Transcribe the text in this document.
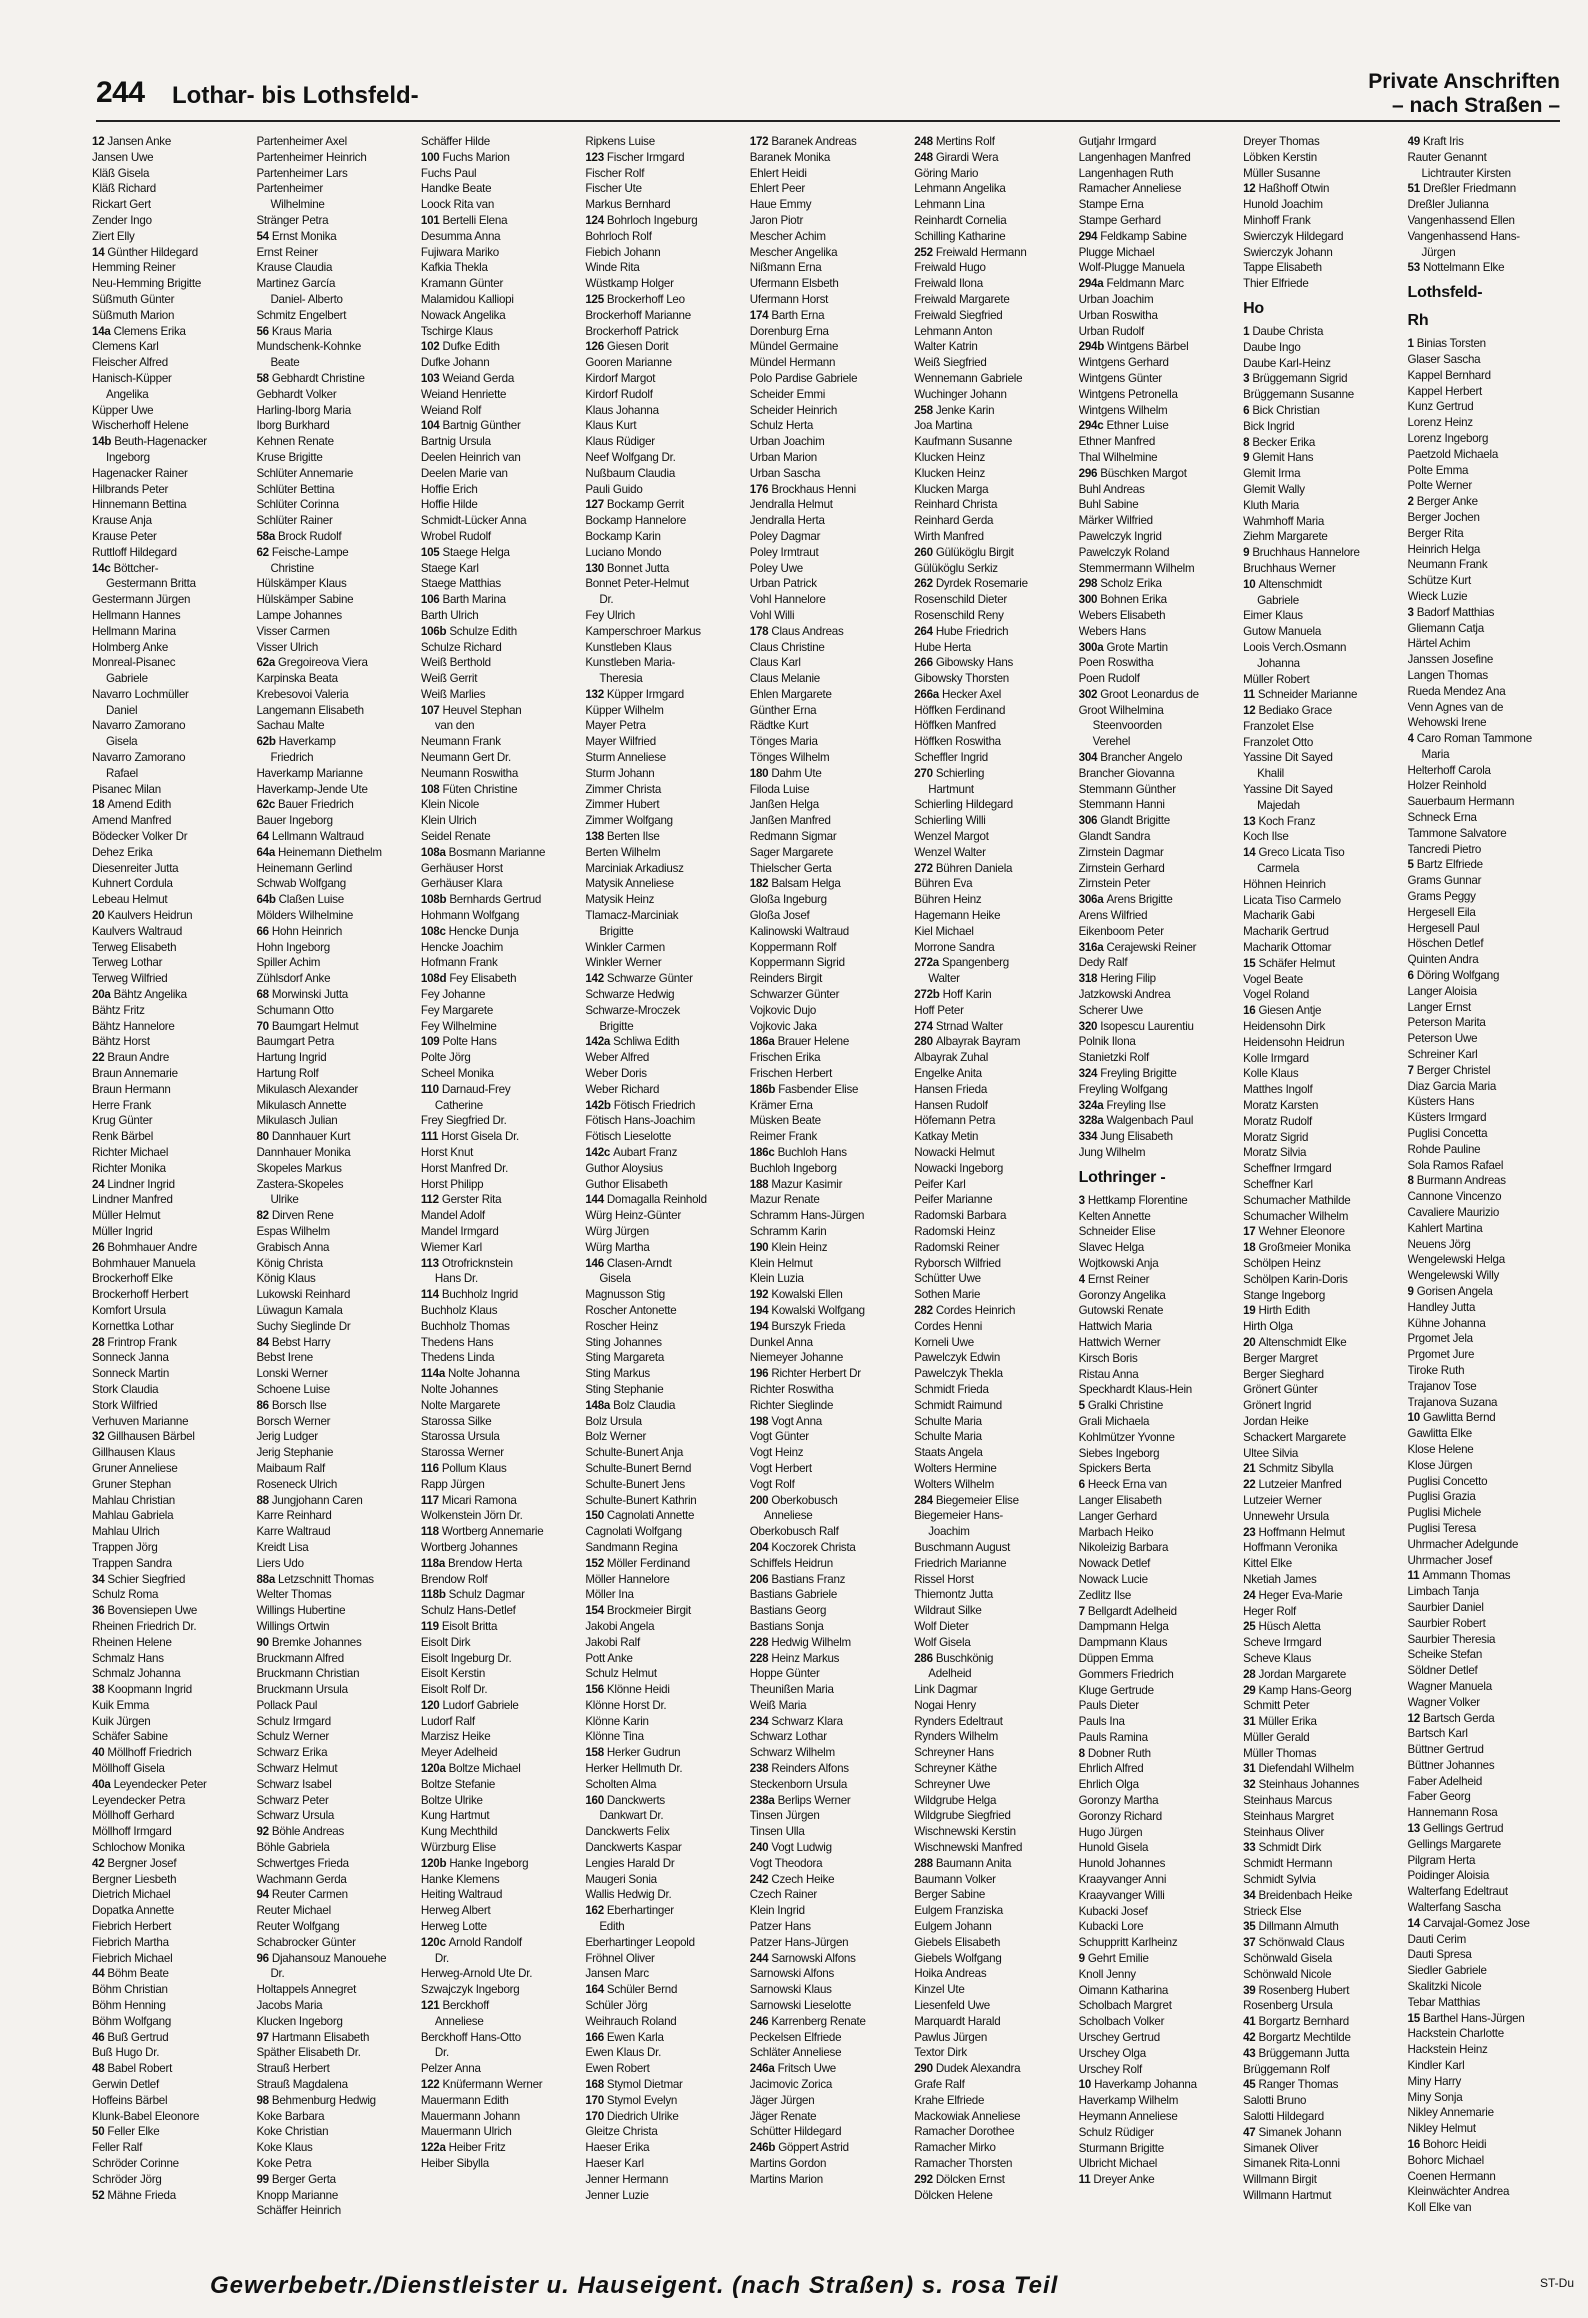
244 Lothar- bis Lothsfeld-
Private Anschriften
– nach Straßen –
12 Jansen Anke
Jansen Uwe
Kläß Gisela
Kläß Richard
Rickart Gert
Zender Ingo
Ziert Elly
14 Günther Hildegard
Hemming Reiner
Neu-Hemming Brigitte
Süßmuth Günter
Süßmuth Marion
14a Clemens Erika
Clemens Karl
Fleischer Alfred
Hanisch-Küpper
Angelika
Küpper Uwe
Wischerhoff Helene
14b Beuth-Hagenacker
Ingeborg
Hagenacker Rainer
Hilbrands Peter
Hinnemann Bettina
Krause Anja
Krause Peter
Ruttloff Hildegard
14c Böttcher-
Gestermann Britta
Gestermann Jürgen
Hellmann Hannes
Hellmann Marina
Holmberg Anke
Monreal-Pisanec
Gabriele
Navarro Lochmüller
Daniel
Navarro Zamorano
Gisela
Navarro Zamorano
Rafael
Pisanec Milan
18 Amend Edith
Amend Manfred
Bödecker Volker Dr
Dehez Erika
Diesenreiter Jutta
Kuhnert Cordula
Lebeau Helmut
20 Kaulvers Heidrun
Kaulvers Waltraud
Terweg Elisabeth
Terweg Lothar
Terweg Wilfried
20a Bähtz Angelika
Bähtz Fritz
Bähtz Hannelore
Bähtz Horst
22 Braun Andre
Braun Annemarie
Braun Hermann
Herre Frank
Krug Günter
Renk Bärbel
Richter Michael
Richter Monika
24 Lindner Ingrid
Lindner Manfred
Müller Helmut
Müller Ingrid
26 Bohmhauer Andre
Bohmhauer Manuela
Brockerhoff Elke
Brockerhoff Herbert
Komfort Ursula
Kornettka Lothar
28 Frintrop Frank
Sonneck Janna
Sonneck Martin
Stork Claudia
Stork Wilfried
Verhuven Marianne
32 Gillhausen Bärbel
Gillhausen Klaus
Gruner Anneliese
Gruner Stephan
Mahlau Christian
Mahlau Gabriela
Mahlau Ulrich
Trappen Jörg
Trappen Sandra
34 Schier Siegfried
Schulz Roma
36 Bovensiepen Uwe
Rheinen Friedrich Dr.
Rheinen Helene
Schmalz Hans
Schmalz Johanna
38 Koopmann Ingrid
Kuik Emma
Kuik Jürgen
Schäfer Sabine
40 Möllhoff Friedrich
Möllhoff Gisela
40a Leyendecker Peter
Leyendecker Petra
Möllhoff Gerhard
Möllhoff Irmgard
Schlochow Monika
42 Bergner Josef
Bergner Liesbeth
Dietrich Michael
Dopatka Annette
Fiebrich Herbert
Fiebrich Martha
Fiebrich Michael
44 Böhm Beate
Böhm Christian
Böhm Henning
Böhm Wolfgang
46 Buß Gertrud
Buß Hugo Dr.
48 Babel Robert
Gerwin Detlef
Hoffeins Bärbel
Klunk-Babel Eleonore
50 Feller Elke
Feller Ralf
Schröder Corinne
Schröder Jörg
52 Mähne Frieda
Partenheimer Axel
Partenheimer Heinrich
Partenheimer Lars
Partenheimer
Wilhelmine
Stränger Petra
54 Ernst Monika
Ernst Reiner
Krause Claudia
Martinez García
Daniel- Alberto
Schmitz Engelbert
56 Kraus Maria
Mundschenk-Kohnke
Beate
58 Gebhardt Christine
Gebhardt Volker
Harling-Iborg Maria
Iborg Burkhard
Kehnen Renate
Kruse Brigitte
Schlüter Annemarie
Schlüter Bettina
Schlüter Corinna
Schlüter Rainer
58a Brock Rudolf
62 Feische-Lampe
Christine
Hülskämper Klaus
Hülskämper Sabine
Lampe Johannes
Visser Carmen
Visser Ulrich
62a Gregoireova Viera
Karpinska Beata
Krebesovoi Valeria
Langemann Elisabeth
Sachau Malte
62b Haverkamp
Friedrich
Haverkamp Marianne
Haverkamp-Jende Ute
62c Bauer Friedrich
Bauer Ingeborg
64 Lellmann Waltraud
64a Heinemann Diethelm
Heinemann Gerlind
Schwab Wolfgang
64b Claßen Luise
Mölders Wilhelmine
66 Hohn Heinrich
Hohn Ingeborg
Spiller Achim
Zühlsdorf Anke
68 Morwinski Jutta
Schumann Otto
70 Baumgart Helmut
Baumgart Petra
Hartung Ingrid
Hartung Rolf
Mikulasch Alexander
Mikulasch Annette
Mikulasch Julian
80 Dannhauer Kurt
Dannhauer Monika
Skopeles Markus
Zastera-Skopeles
Ulrike
82 Dirven Rene
Espas Wilhelm
Grabisch Anna
König Christa
König Klaus
Lukowski Reinhard
Lüwagun Kamala
Suchy Sieglinde Dr
84 Bebst Harry
Bebst Irene
Lonski Werner
Schoene Luise
86 Borsch Ilse
Borsch Werner
Jerig Ludger
Jerig Stephanie
Maibaum Ralf
Roseneck Ulrich
88 Jungjohann Caren
Karre Reinhard
Karre Waltraud
Kreidt Lisa
Liers Udo
88a Letzschnitt Thomas
Welter Thomas
Willings Hubertine
Willings Ortwin
90 Bremke Johannes
Bruckmann Alfred
Bruckmann Christian
Bruckmann Ursula
Pollack Paul
Schulz Irmgard
Schulz Werner
Schwarz Erika
Schwarz Helmut
Schwarz Isabel
Schwarz Peter
Schwarz Ursula
92 Böhle Andreas
Böhle Gabriela
Schwertges Frieda
Wachmann Gerda
94 Reuter Carmen
Reuter Michael
Reuter Wolfgang
Schabrocker Günter
96 Djahansouz Manouehe
Dr.
Holtappels Annegret
Jacobs Maria
Klucken Ingeborg
97 Hartmann Elisabeth
Späther Elisabeth Dr.
Strauß Herbert
Strauß Magdalena
98 Behmenburg Hedwig
Koke Barbara
Koke Christian
Koke Klaus
Koke Petra
99 Berger Gerta
Knopp Marianne
Schäffer Heinrich
Schäffer Hilde
100 Fuchs Marion
Fuchs Paul
Handke Beate
Loock Rita van
101 Bertelli Elena
Desumma Anna
Fujiwara Mariko
Kafkia Thekla
Kramann Günter
Malamidou Kalliopi
Nowack Angelika
Tschirge Klaus
102 Dufke Edith
Dufke Johann
103 Weiand Gerda
Weiand Henriette
Weiand Rolf
104 Bartnig Günther
Bartnig Ursula
Deelen Heinrich van
Deelen Marie van
Hoffie Erich
Hoffie Hilde
Schmidt-Lücker Anna
Wrobel Rudolf
105 Staege Helga
Staege Karl
Staege Matthias
106 Barth Marina
Barth Ulrich
106b Schulze Edith
Schulze Richard
Weiß Berthold
Weiß Gerrit
Weiß Marlies
107 Heuvel Stephan
van den
Neumann Frank
Neumann Gert Dr.
Neumann Roswitha
108 Füten Christine
Klein Nicole
Klein Ulrich
Seidel Renate
108a Bosmann Marianne
Gerhäuser Horst
Gerhäuser Klara
108b Bernhards Gertrud
Hohmann Wolfgang
108c Hencke Dunja
Hencke Joachim
Hofmann Frank
108d Fey Elisabeth
Fey Johanne
Fey Margarete
Fey Wilhelmine
109 Polte Hans
Polte Jörg
Scheel Monika
110 Darnaud-Frey
Catherine
Frey Siegfried Dr.
111 Horst Gisela Dr.
Horst Knut
Horst Manfred Dr.
Horst Philipp
112 Gerster Rita
Mandel Adolf
Mandel Irmgard
Wiemer Karl
113 Otrofricknstein
Hans Dr.
114 Buchholz Ingrid
Buchholz Klaus
Buchholz Thomas
Thedens Hans
Thedens Linda
114a Nolte Johanna
Nolte Johannes
Nolte Margarete
Starossa Silke
Starossa Ursula
Starossa Werner
116 Pollum Klaus
Rapp Jürgen
117 Micari Ramona
Wolkenstein Jörn Dr.
118 Wortberg Annemarie
Wortberg Johannes
118a Brendow Herta
Brendow Rolf
118b Schulz Dagmar
Schulz Hans-Detlef
119 Eisolt Britta
Eisolt Dirk
Eisolt Ingeburg Dr.
Eisolt Kerstin
Eisolt Rolf Dr.
120 Ludorf Gabriele
Ludorf Ralf
Marzisz Heike
Meyer Adelheid
120a Boltze Michael
Boltze Stefanie
Boltze Ulrike
Kung Hartmut
Kung Mechthild
Würzburg Elise
120b Hanke Ingeborg
Hanke Klemens
Heiting Waltraud
Herweg Albert
Herweg Lotte
120c Arnold Randolf
Dr.
Herweg-Arnold Ute Dr.
Szwajczyk Ingeborg
121 Berckhoff
Anneliese
Berckhoff Hans-Otto
Dr.
Pelzer Anna
122 Knüfermann Werner
Mauermann Edith
Mauermann Johann
Mauermann Ulrich
122a Heiber Fritz
Heiber Sibylla
Ripkens Luise
123 Fischer Irmgard
Fischer Rolf
Fischer Ute
Markus Bernhard
124 Bohrloch Ingeburg
Bohrloch Rolf
Fiebich Johann
Winde Rita
Wüstkamp Holger
125 Brockerhoff Leo
Brockerhoff Marianne
Brockerhoff Patrick
126 Giesen Dorit
Gooren Marianne
Kirdorf Margot
Kirdorf Rudolf
Klaus Johanna
Klaus Kurt
Klaus Rüdiger
Neef Wolfgang Dr.
Nußbaum Claudia
Pauli Guido
127 Bockamp Gerrit
Bockamp Hannelore
Bockamp Karin
Luciano Mondo
130 Bonnet Jutta
Bonnet Peter-Helmut
Dr.
Fey Ulrich
Kamperschroer Markus
Kunstleben Klaus
Kunstleben Maria-
Theresia
132 Küpper Irmgard
Küpper Wilhelm
Mayer Petra
Mayer Wilfried
Sturm Anneliese
Sturm Johann
Zimmer Christa
Zimmer Hubert
Zimmer Wolfgang
138 Berten Ilse
Berten Wilhelm
Marciniak Arkadiusz
Matysik Anneliese
Matysik Heinz
Tlamacz-Marciniak
Brigitte
Winkler Carmen
Winkler Werner
142 Schwarze Günter
Schwarze Hedwig
Schwarze-Mroczek
Brigitte
142a Schliwa Edith
Weber Alfred
Weber Doris
Weber Richard
142b Fötisch Friedrich
Fötisch Hans-Joachim
Fötisch Lieselotte
142c Aubart Franz
Guthor Aloysius
Guthor Elisabeth
144 Domagalla Reinhold
Würg Heinz-Günter
Würg Jürgen
Würg Martha
146 Clasen-Arndt
Gisela
Magnusson Stig
Roscher Antonette
Roscher Heinz
Sting Johannes
Sting Margareta
Sting Markus
Sting Stephanie
148a Bolz Claudia
Bolz Ursula
Bolz Werner
Schulte-Bunert Anja
Schulte-Bunert Bernd
Schulte-Bunert Jens
Schulte-Bunert Kathrin
150 Cagnolati Annette
Cagnolati Wolfgang
Sandmann Regina
152 Möller Ferdinand
Möller Hannelore
Möller Ina
154 Brockmeier Birgit
Jakobi Angela
Jakobi Ralf
Pott Anke
Schulz Helmut
156 Klönne Heidi
Klönne Horst Dr.
Klönne Karin
Klönne Tina
158 Herker Gudrun
Herker Hellmuth Dr.
Scholten Alma
160 Danckwerts
Dankwart Dr.
Danckwerts Felix
Danckwerts Kaspar
Lengies Harald Dr
Maugeri Sonia
Wallis Hedwig Dr.
162 Eberhartinger
Edith
Eberhartinger Leopold
Fröhnel Oliver
Jansen Marc
164 Schüler Bernd
Schüler Jörg
Weihrauch Roland
166 Ewen Karla
Ewen Klaus Dr.
Ewen Robert
168 Stymol Dietmar
170 Stymol Evelyn
170 Diedrich Ulrike
Gleitze Christa
Haeser Erika
Haeser Karl
Jenner Hermann
Jenner Luzie
172 Baranek Andreas
Baranek Monika
Ehlert Heidi
Ehlert Peer
Haue Emmy
Jaron Piotr
Mescher Achim
Mescher Angelika
Nißmann Erna
Ufermann Elsbeth
Ufermann Horst
174 Barth Erna
Dorenburg Erna
Mündel Germaine
Mündel Hermann
Polo Pardise Gabriele
Scheider Emmi
Scheider Heinrich
Schulz Herta
Urban Joachim
Urban Marion
Urban Sascha
176 Brockhaus Henni
Jendralla Helmut
Jendralla Herta
Poley Dagmar
Poley Irmtraut
Poley Uwe
Urban Patrick
Vohl Hannelore
Vohl Willi
178 Claus Andreas
Claus Christine
Claus Karl
Claus Melanie
Ehlen Margarete
Günther Erna
Rädtke Kurt
Tönges Maria
Tönges Wilhelm
180 Dahm Ute
Filoda Luise
Janßen Helga
Janßen Manfred
Redmann Sigmar
Sager Margarete
Thielscher Gerta
182 Balsam Helga
Gloßa Ingeburg
Gloßa Josef
Kalinowski Waltraud
Koppermann Rolf
Koppermann Sigrid
Reinders Birgit
Schwarzer Günter
Vojkovic Dujo
Vojkovic Jaka
186a Brauer Helene
Frischen Erika
Frischen Herbert
186b Fasbender Elise
Krämer Erna
Müsken Beate
Reimer Frank
186c Buchloh Hans
Buchloh Ingeborg
188 Mazur Kasimir
Mazur Renate
Schramm Hans-Jürgen
Schramm Karin
190 Klein Heinz
Klein Helmut
Klein Luzia
192 Kowalski Ellen
194 Kowalski Wolfgang
194 Burszyk Frieda
Dunkel Anna
Niemeyer Johanne
196 Richter Herbert Dr
Richter Roswitha
Richter Sieglinde
198 Vogt Anna
Vogt Günter
Vogt Heinz
Vogt Herbert
Vogt Rolf
200 Oberkobusch
Anneliese
Oberkobusch Ralf
204 Koczorek Christa
Schiffels Heidrun
206 Bastians Franz
Bastians Gabriele
Bastians Georg
Bastians Sonja
228 Hedwig Wilhelm
228 Heinz Markus
Hoppe Günter
Theunißen Maria
Weiß Maria
234 Schwarz Klara
Schwarz Lothar
Schwarz Wilhelm
238 Reinders Alfons
Steckenborn Ursula
238a Berlips Werner
Tinsen Jürgen
Tinsen Ulla
240 Vogt Ludwig
Vogt Theodora
242 Czech Heike
Czech Rainer
Klein Ingrid
Patzer Hans
Patzer Hans-Jürgen
244 Sarnowski Alfons
Sarnowski Alfons
Sarnowski Klaus
Sarnowski Lieselotte
246 Karrenberg Renate
Peckelsen Elfriede
Schläter Anneliese
246a Fritsch Uwe
Jacimovic Zorica
Jäger Jürgen
Jäger Renate
Schütter Hildegard
246b Göppert Astrid
Martins Gordon
Martins Marion
248 Mertins Rolf
248 Girardi Wera
Göring Mario
Lehmann Angelika
Lehmann Lina
Reinhardt Cornelia
Schilling Katharine
252 Freiwald Hermann
Freiwald Hugo
Freiwald Ilona
Freiwald Margarete
Freiwald Siegfried
Lehmann Anton
Walter Katrin
Weiß Siegfried
Wennemann Gabriele
Wuchinger Johann
258 Jenke Karin
Joa Martina
Kaufmann Susanne
Klucken Heinz
Klucken Heinz
Klucken Marga
Reinhard Christa
Reinhard Gerda
Wirth Manfred
260 Gülüköglu Birgit
Gülüköglu Serkiz
262 Dyrdek Rosemarie
Rosenschild Dieter
Rosenschild Reny
264 Hube Friedrich
Hube Herta
266 Gibowsky Hans
Gibowsky Thorsten
266a Hecker Axel
Höffken Ferdinand
Höffken Manfred
Höffken Roswitha
Scheffler Ingrid
270 Schierling
Hartmunt
Schierling Hildegard
Schierling Willi
Wenzel Margot
Wenzel Walter
272 Bühren Daniela
Bühren Eva
Bühren Heinz
Hagemann Heike
Kiel Michael
Morrone Sandra
272a Spangenberg
Walter
272b Hoff Karin
Hoff Peter
274 Strnad Walter
280 Albayrak Bayram
Albayrak Zuhal
Engelke Anita
Hansen Frieda
Hansen Rudolf
Höfemann Petra
Katkay Metin
Nowacki Helmut
Nowacki Ingeborg
Peifer Karl
Peifer Marianne
Radomski Barbara
Radomski Heinz
Radomski Reiner
Ryborsch Wilfried
Schütter Uwe
Sothen Marie
282 Cordes Heinrich
Cordes Henni
Korneli Uwe
Pawelczyk Edwin
Pawelczyk Thekla
Schmidt Frieda
Schmidt Raimund
Schulte Maria
Schulte Maria
Staats Angela
Wolters Hermine
Wolters Wilhelm
284 Biegemeier Elise
Biegemeier Hans-
Joachim
Buschmann August
Friedrich Marianne
Rissel Horst
Thiemontz Jutta
Wildraut Silke
Wolf Dieter
Wolf Gisela
286 Buschkönig
Adelheid
Link Dagmar
Nogai Henry
Rynders Edeltraut
Rynders Wilhelm
Schreyner Hans
Schreyner Käthe
Schreyner Uwe
Wildgrube Helga
Wildgrube Siegfried
Wischnewski Kerstin
Wischnewski Manfred
288 Baumann Anita
Baumann Volker
Berger Sabine
Eulgem Franziska
Eulgem Johann
Giebels Elisabeth
Giebels Wolfgang
Hoika Andreas
Kinzel Ute
Liesenfeld Uwe
Marquardt Harald
Pawlus Jürgen
Textor Dirk
290 Dudek Alexandra
Grafe Ralf
Krahe Elfriede
Mackowiak Anneliese
Ramacher Dorothee
Ramacher Mirko
Ramacher Thorsten
292 Dölcken Ernst
Dölcken Helene
Gutjahr Irmgard
Langenhagen Manfred
Langenhagen Ruth
Ramacher Anneliese
Stampe Erna
Stampe Gerhard
294 Feldkamp Sabine
Plugge Michael
Wolf-Plugge Manuela
294a Feldmann Marc
Urban Joachim
Urban Roswitha
Urban Rudolf
294b Wintgens Bärbel
Wintgens Gerhard
Wintgens Günter
Wintgens Petronella
Wintgens Wilhelm
294c Ethner Luise
Ethner Manfred
Thal Wilhelmine
296 Büschken Margot
Buhl Andreas
Buhl Sabine
Märker Wilfried
Pawelczyk Ingrid
Pawelczyk Roland
Stemmermann Wilhelm
298 Scholz Erika
300 Bohnen Erika
Webers Elisabeth
Webers Hans
300a Grote Martin
Poen Roswitha
Poen Rudolf
302 Groot Leonardus de
Groot Wilhelmina
Steenvoorden
Verehel
304 Brancher Angelo
Brancher Giovanna
Stemmann Günther
Stemmann Hanni
306 Glandt Brigitte
Glandt Sandra
Zirnstein Dagmar
Zirnstein Gerhard
Zirnstein Peter
306a Arens Brigitte
Arens Wilfried
Eikenboom Peter
316a Cerajewski Reiner
Dedy Ralf
318 Hering Filip
Jatzkowski Andrea
Scherer Uwe
320 Isopescu Laurentiu
Polnik Ilona
Stanietzki Rolf
324 Freyling Brigitte
Freyling Wolfgang
324a Freyling Ilse
328a Walgenbach Paul
334 Jung Elisabeth
Jung Wilhelm
Lothringer -
3 Hettkamp Florentine
Kelten Annette
Schneider Elise
Slavec Helga
Wojtkowski Anja
4 Ernst Reiner
Goronzy Angelika
Gutowski Renate
Hattwich Maria
Hattwich Werner
Kirsch Boris
Ristau Anna
Speckhardt Klaus-Hein
5 Gralki Christine
Grali Michaela
Kohlmützer Yvonne
Siebes Ingeborg
Spickers Berta
6 Heeck Erna van
Langer Elisabeth
Langer Gerhard
Marbach Heiko
Nikoleizig Barbara
Nowack Detlef
Nowack Lucie
Zedlitz Ilse
7 Bellgardt Adelheid
Dampmann Helga
Dampmann Klaus
Düppen Emma
Gommers Friedrich
Kluge Gertrude
Pauls Dieter
Pauls Ina
Pauls Ramina
8 Dobner Ruth
Ehrlich Alfred
Ehrlich Olga
Goronzy Martha
Goronzy Richard
Hugo Jürgen
Hunold Gisela
Hunold Johannes
Kraayvanger Anni
Kraayvanger Willi
Kubacki Josef
Kubacki Lore
Schuppritt Karlheinz
9 Gehrt Emilie
Knoll Jenny
Oimann Katharina
Scholbach Margret
Scholbach Volker
Urschey Gertrud
Urschey Olga
Urschey Rolf
10 Haverkamp Johanna
Haverkamp Wilhelm
Heymann Anneliese
Schulz Rüdiger
Sturmann Brigitte
Ulbricht Michael
11 Dreyer Anke
Dreyer Thomas
Löbken Kerstin
Müller Susanne
12 Haßhoff Otwin
Hunold Joachim
Minhoff Frank
Swierczyk Hildegard
Swierczyk Johann
Tappe Elisabeth
Thier Elfriede
Ho
1 Daube Christa
Daube Ingo
Daube Karl-Heinz
3 Brüggemann Sigrid
Brüggemann Susanne
6 Bick Christian
Bick Ingrid
8 Becker Erika
9 Glemit Hans
Glemit Irma
Glemit Wally
Kluth Maria
Wahmhoff Maria
Ziehm Margarete
9 Bruchhaus Hannelore
Bruchhaus Werner
10 Altenschmidt
Gabriele
Eimer Klaus
Gutow Manuela
Loois Verch.Osmann
Johanna
Müller Robert
11 Schneider Marianne
12 Bediako Grace
Franzolet Else
Franzolet Otto
Yassine Dit Sayed
Khalil
Yassine Dit Sayed
Majedah
13 Koch Franz
Koch Ilse
14 Greco Licata Tiso
Carmela
Höhnen Heinrich
Licata Tiso Carmelo
Macharik Gabi
Macharik Gertrud
Macharik Ottomar
15 Schäfer Helmut
Vogel Beate
Vogel Roland
16 Giesen Antje
Heidensohn Dirk
Heidensohn Heidrun
Kolle Irmgard
Kolle Klaus
Matthes Ingolf
Moratz Karsten
Moratz Rudolf
Moratz Sigrid
Moratz Silvia
Scheffner Irmgard
Scheffner Karl
Schumacher Mathilde
Schumacher Wilhelm
17 Wehner Eleonore
18 Großmeier Monika
Schölpen Heinz
Schölpen Karin-Doris
Stange Ingeborg
19 Hirth Edith
Hirth Olga
20 Altenschmidt Elke
Berger Margret
Berger Sieghard
Grönert Günter
Grönert Ingrid
Jordan Heike
Schackert Margarete
Ultee Silvia
21 Schmitz Sibylla
22 Lutzeier Manfred
Lutzeier Werner
Unnewehr Ursula
23 Hoffmann Helmut
Hoffmann Veronika
Kittel Elke
Nketiah James
24 Heger Eva-Marie
Heger Rolf
25 Hüsch Aletta
Scheve Irmgard
Scheve Klaus
28 Jordan Margarete
29 Kamp Hans-Georg
Schmitt Peter
31 Müller Erika
Müller Gerald
Müller Thomas
31 Diefendahl Wilhelm
32 Steinhaus Johannes
Steinhaus Marcus
Steinhaus Margret
Steinhaus Oliver
33 Schmidt Dirk
Schmidt Hermann
Schmidt Sylvia
34 Breidenbach Heike
Strieck Else
35 Dillmann Almuth
37 Schönwald Claus
Schönwald Gisela
Schönwald Nicole
39 Rosenberg Hubert
Rosenberg Ursula
41 Borgartz Bernhard
42 Borgartz Mechtilde
43 Brüggemann Jutta
Brüggemann Rolf
45 Ranger Thomas
Salotti Bruno
Salotti Hildegard
47 Simanek Johann
Simanek Oliver
Simanek Rita-Lonni
Willmann Birgit
Willmann Hartmut
49 Kraft Iris
Rauter Genannt
Lichtrauter Kirsten
51 Dreßler Friedmann
Dreßler Julianna
Vangenhassend Ellen
Vangenhassend Hans-
Jürgen
53 Nottelmann Elke
Lothsfeld-
Rh
1 Binias Torsten
Glaser Sascha
Kappel Bernhard
Kappel Herbert
Kunz Gertrud
Lorenz Heinz
Lorenz Ingeborg
Paetzold Michaela
Polte Emma
Polte Werner
2 Berger Anke
Berger Jochen
Berger Rita
Heinrich Helga
Neumann Frank
Schütze Kurt
Wieck Luzie
3 Badorf Matthias
Gliemann Catja
Härtel Achim
Janssen Josefine
Langen Thomas
Rueda Mendez Ana
Venn Agnes van de
Wehowski Irene
4 Caro Roman Tammone
Maria
Helterhoff Carola
Holzer Reinhold
Sauerbaum Hermann
Schneck Erna
Tammone Salvatore
Tancredi Pietro
5 Bartz Elfriede
Grams Gunnar
Grams Peggy
Hergesell Eila
Hergesell Paul
Höschen Detlef
Quinten Andra
6 Döring Wolfgang
Langer Aloisia
Langer Ernst
Peterson Marita
Peterson Uwe
Schreiner Karl
7 Berger Christel
Diaz Garcia Maria
Küsters Hans
Küsters Irmgard
Puglisi Concetta
Rohde Pauline
Sola Ramos Rafael
8 Burmann Andreas
Cannone Vincenzo
Cavaliere Maurizio
Kahlert Martina
Neuens Jörg
Wengelewski Helga
Wengelewski Willy
9 Gorisen Angela
Handley Jutta
Kühne Johanna
Prgomet Jela
Prgomet Jure
Tiroke Ruth
Trajanov Tose
Trajanova Suzana
10 Gawlitta Bernd
Gawlitta Elke
Klose Helene
Klose Jürgen
Puglisi Concetto
Puglisi Grazia
Puglisi Michele
Puglisi Teresa
Uhrmacher Adelgunde
Uhrmacher Josef
11 Ammann Thomas
Limbach Tanja
Saurbier Daniel
Saurbier Robert
Saurbier Theresia
Scheike Stefan
Söldner Detlef
Wagner Manuela
Wagner Volker
12 Bartsch Gerda
Bartsch Karl
Büttner Gertrud
Büttner Johannes
Faber Adelheid
Faber Georg
Hannemann Rosa
13 Gellings Gertrud
Gellings Margarete
Pilgram Herta
Poidinger Aloisia
Walterfang Edeltraut
Walterfang Sascha
14 Carvajal-Gomez Jose
Dauti Cerim
Dauti Spresa
Siedler Gabriele
Skalitzki Nicole
Tebar Matthias
15 Barthel Hans-Jürgen
Hackstein Charlotte
Hackstein Heinz
Kindler Karl
Miny Harry
Miny Sonja
Nikley Annemarie
Nikley Helmut
16 Bohorc Heidi
Bohorc Michael
Coenen Hermann
Kleinwächter Andrea
Koll Elke van
Gewerbebetr./Dienstleister u. Hauseigent. (nach Straßen) s. rosa Teil	ST-Du
